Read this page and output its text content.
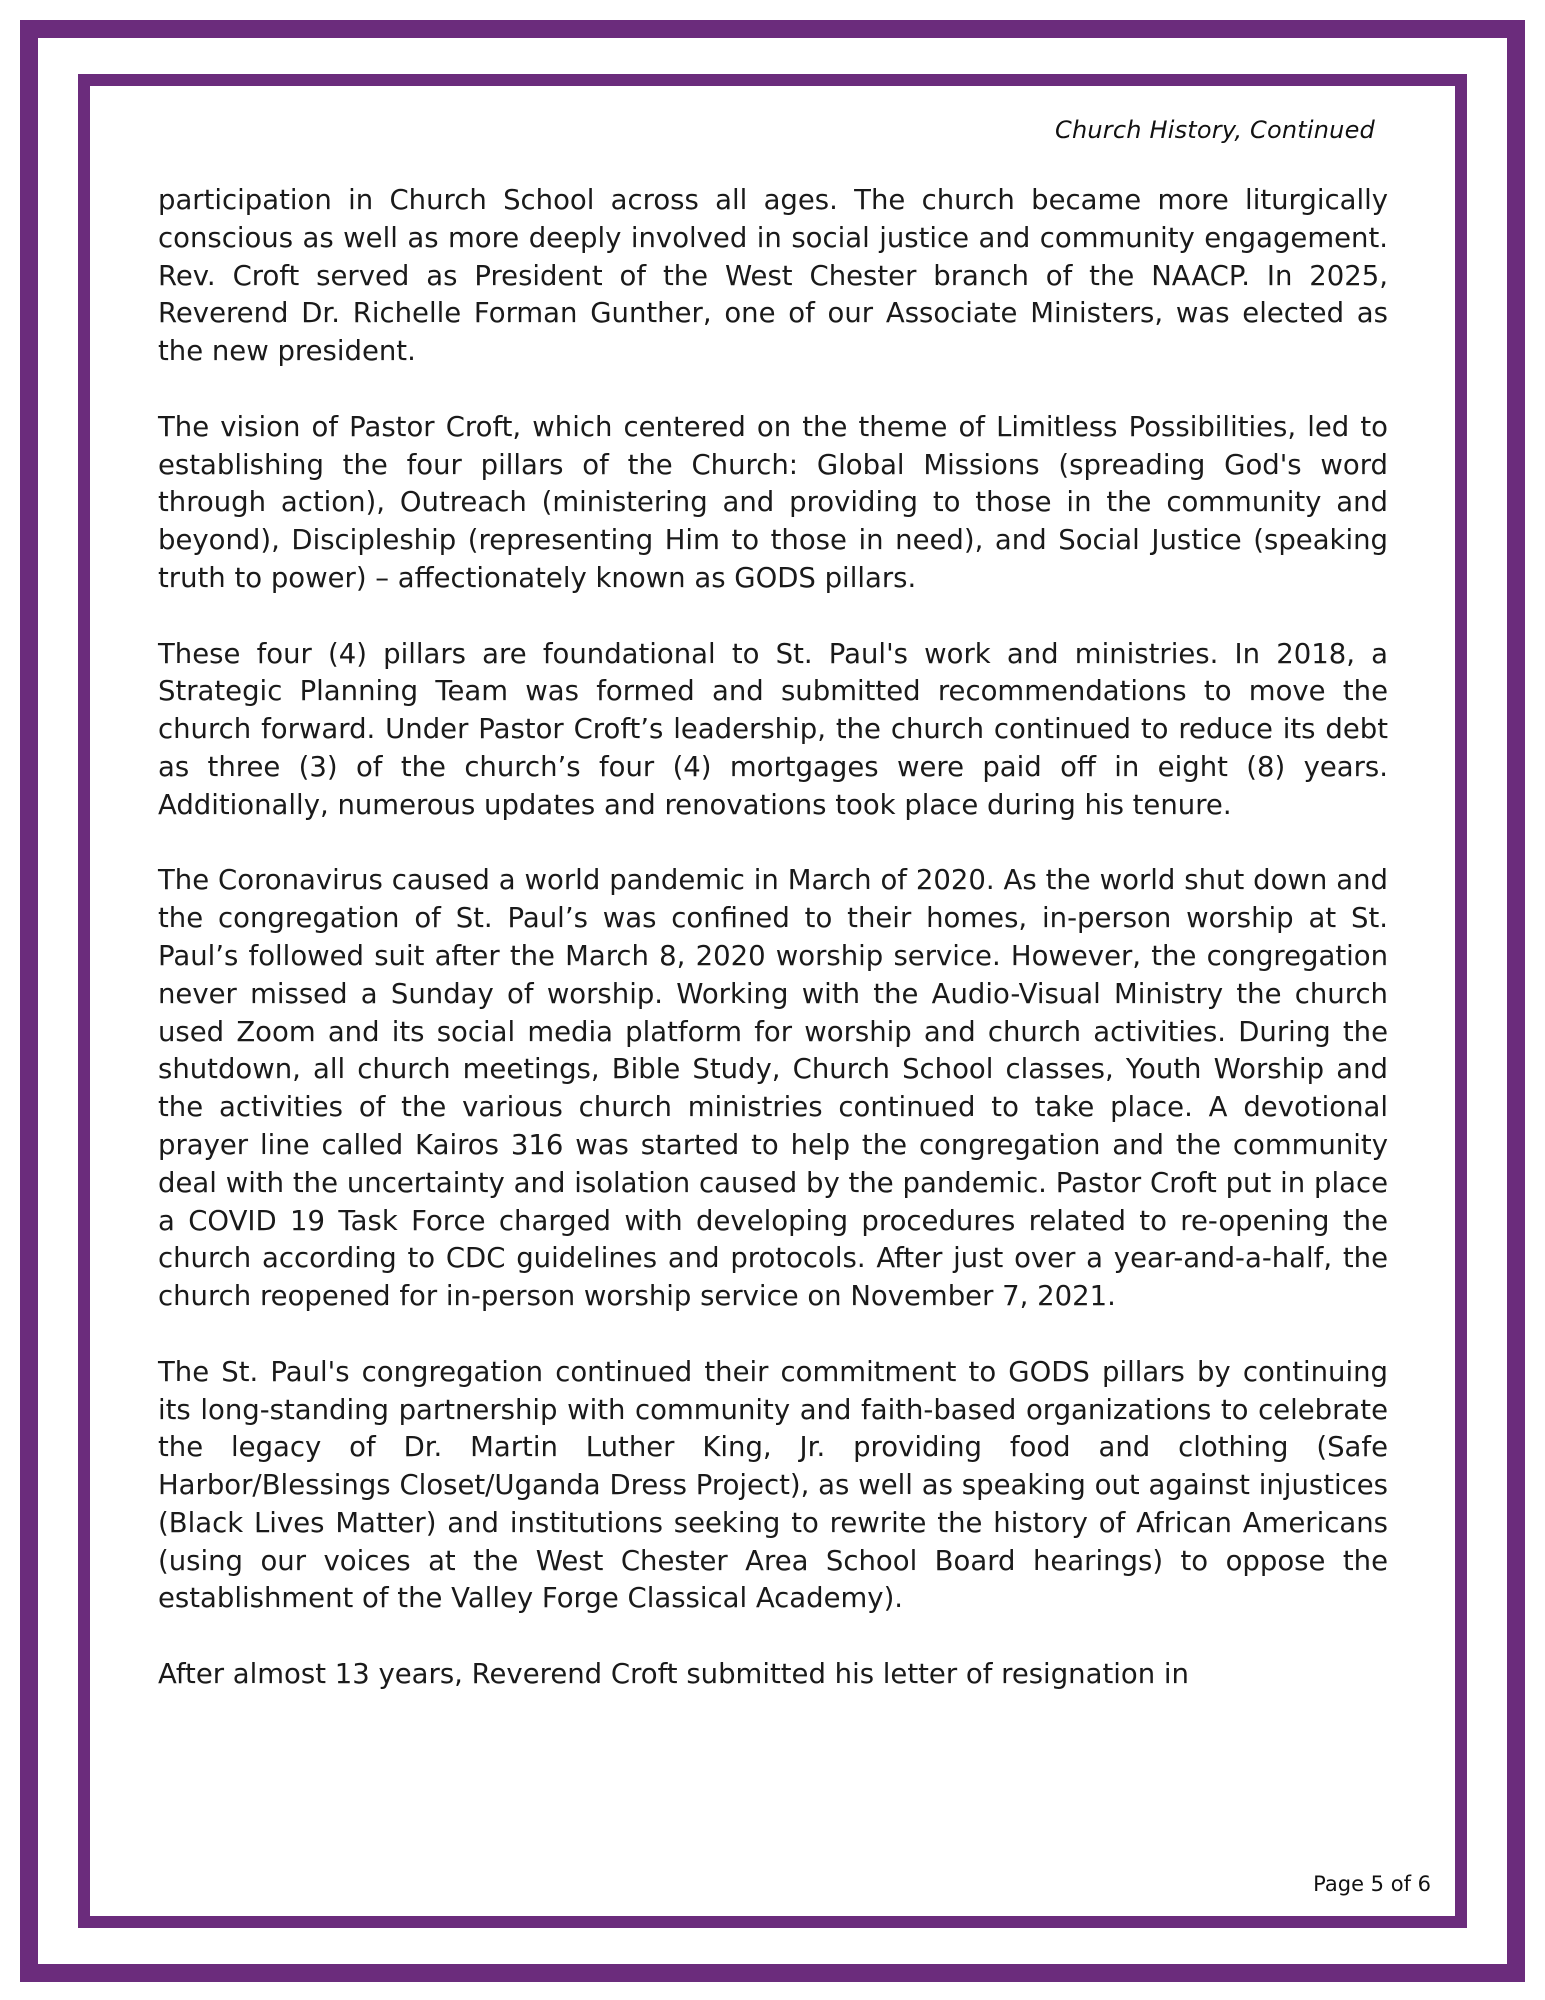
Church History, Continued

participation in Church School across all ages. The church became more liturgically conscious as well as more deeply involved in social justice and community engagement. Rev. Croft served as President of the West Chester branch of the NAACP. In 2025, Reverend Dr. Richelle Forman Gunther, one of our Associate Ministers, was elected as the new president.

The vision of Pastor Croft, which centered on the theme of Limitless Possibilities, led to establishing the four pillars of the Church: Global Missions (spreading God's word through action), Outreach (ministering and providing to those in the community and beyond), Discipleship (representing Him to those in need), and Social Justice (speaking truth to power) – affectionately known as GODS pillars.

These four (4) pillars are foundational to St. Paul's work and ministries. In 2018, a Strategic Planning Team was formed and submitted recommendations to move the church forward. Under Pastor Croft’s leadership, the church continued to reduce its debt as three (3) of the church’s four (4) mortgages were paid off in eight (8) years. Additionally, numerous updates and renovations took place during his tenure.

The Coronavirus caused a world pandemic in March of 2020. As the world shut down and the congregation of St. Paul’s was confined to their homes, in-person worship at St. Paul’s followed suit after the March 8, 2020 worship service. However, the congregation never missed a Sunday of worship. Working with the Audio-Visual Ministry the church used Zoom and its social media platform for worship and church activities. During the shutdown, all church meetings, Bible Study, Church School classes, Youth Worship and the activities of the various church ministries continued to take place. A devotional prayer line called Kairos 316 was started to help the congregation and the community deal with the uncertainty and isolation caused by the pandemic. Pastor Croft put in place a COVID 19 Task Force charged with developing procedures related to re-opening the church according to CDC guidelines and protocols. After just over a year-and-a-half, the church reopened for in-person worship service on November 7, 2021.

The St. Paul's congregation continued their commitment to GODS pillars by continuing its long-standing partnership with community and faith-based organizations to celebrate the legacy of Dr. Martin Luther King, Jr. providing food and clothing (Safe Harbor/Blessings Closet/Uganda Dress Project), as well as speaking out against injustices (Black Lives Matter) and institutions seeking to rewrite the history of African Americans (using our voices at the West Chester Area School Board hearings) to oppose the establishment of the Valley Forge Classical Academy).

After almost 13 years, Reverend Croft submitted his letter of resignation in

Page 5 of 6
